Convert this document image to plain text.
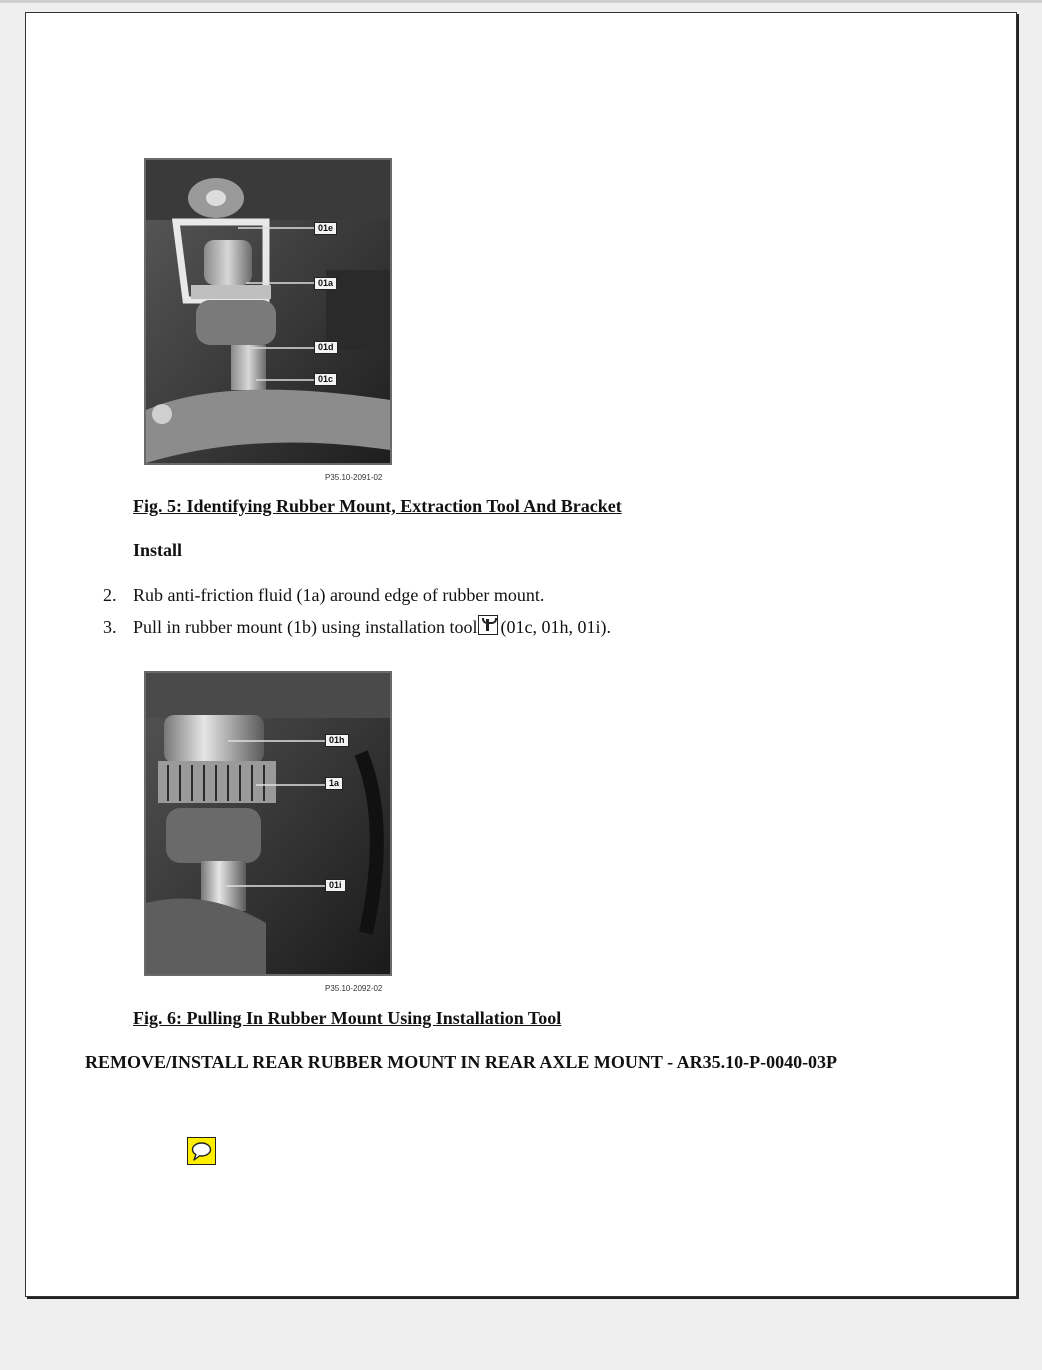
01e
01a
01d
01c
P35.10-2091-02
Fig. 5: Identifying Rubber Mount, Extraction Tool And Bracket
Install
2. Rub anti-friction fluid (1a) around edge of rubber mount.
3. Pull in rubber mount (1b) using installation tool (01c, 01h, 01i).
01h
1a
01i
P35.10-2092-02
Fig. 6: Pulling In Rubber Mount Using Installation Tool
REMOVE/INSTALL REAR RUBBER MOUNT IN REAR AXLE MOUNT - AR35.10-P-0040-03P
